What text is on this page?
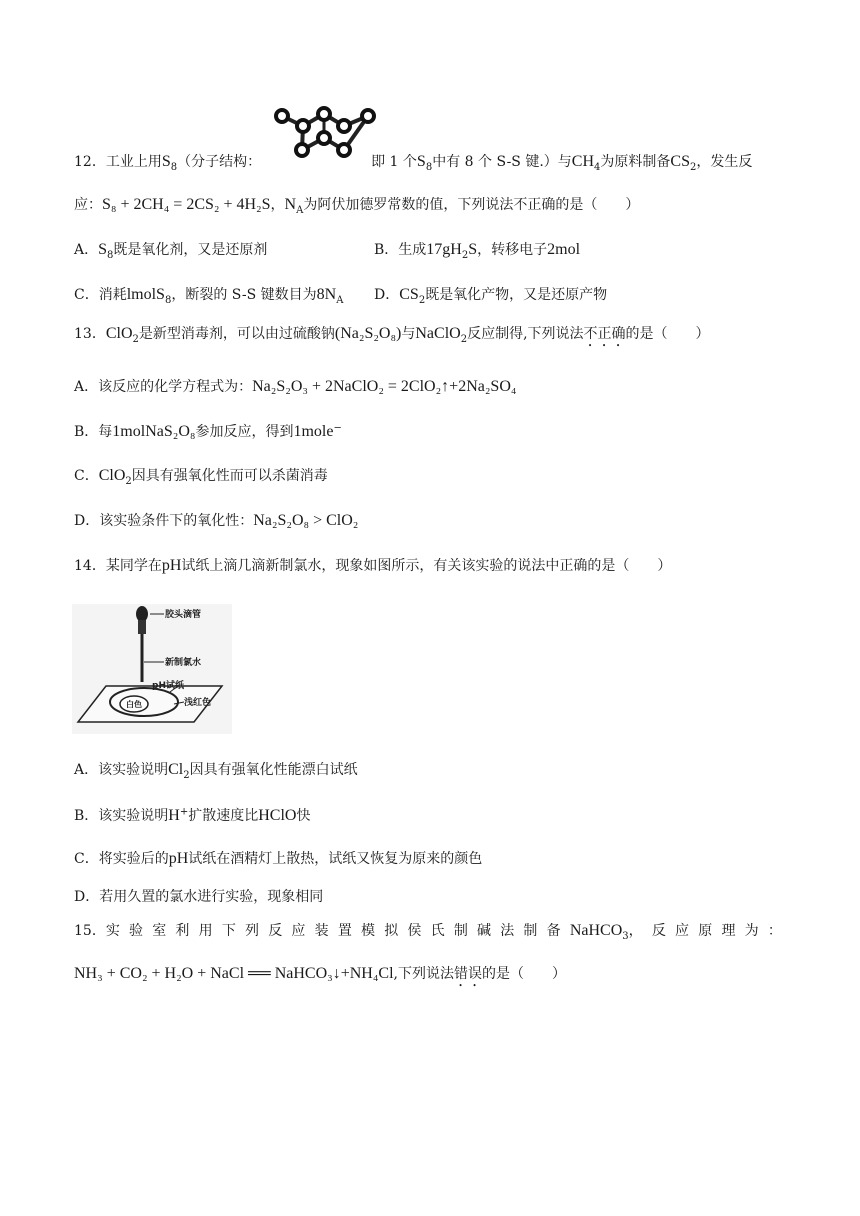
12．工业上用$S_8$（分子结构：	即 1 个$S_8$中有 8 个 S-S 键.）与$CH_4$为原料制备$CS_2$，发生反
应：S₈ + 2CH₄ = 2CS₂ + 4H₂S，$N_A$为阿伏加德罗常数的值，下列说法不正确的是（　　）
A．$S_8$既是氧化剂，又是还原剂	B．生成$17gH_2S$，转移电子2mol
C．消耗lmolS$_8$，断裂的 S-S 键数目为$8N_A$ D．$CS_2$既是氧化产物，又是还原产物
13．ClO$_2$是新型消毒剂，可以由过硫酸钠(Na₂S₂O₈)与NaClO$_2$反应制得,下列说法不正确的是（　　）
A．该反应的化学方程式为：Na₂S₂O₃ + 2NaClO₂ = 2ClO₂↑+2Na₂SO₄
B．每1molNaS₂O₈参加反应，得到1mole−
C．ClO$_2$因具有强氧化性而可以杀菌消毒
D．该实验条件下的氧化性：Na₂S₂O₈ > ClO₂
14．某同学在pH试纸上滴几滴新制氯水，现象如图所示，有关该实验的说法中正确的是（　　）
胶头滴管
新制氯水
pH试纸
白色	浅红色
A．该实验说明$Cl_2$因具有强氧化性能漂白试纸
B．该实验说明H+扩散速度比HClO快
C．将实验后的pH试纸在酒精灯上散热，试纸又恢复为原来的颜色
D．若用久置的氯水进行实验，现象相同
15．实验室利用下列反应装置模拟侯氏制碱法制备NaHCO$_3$，反应原理为：
NH₃ + CO₂ + H₂O + NaCl ══ NaHCO₃↓+NH₄Cl,下列说法错误的是（　　）
